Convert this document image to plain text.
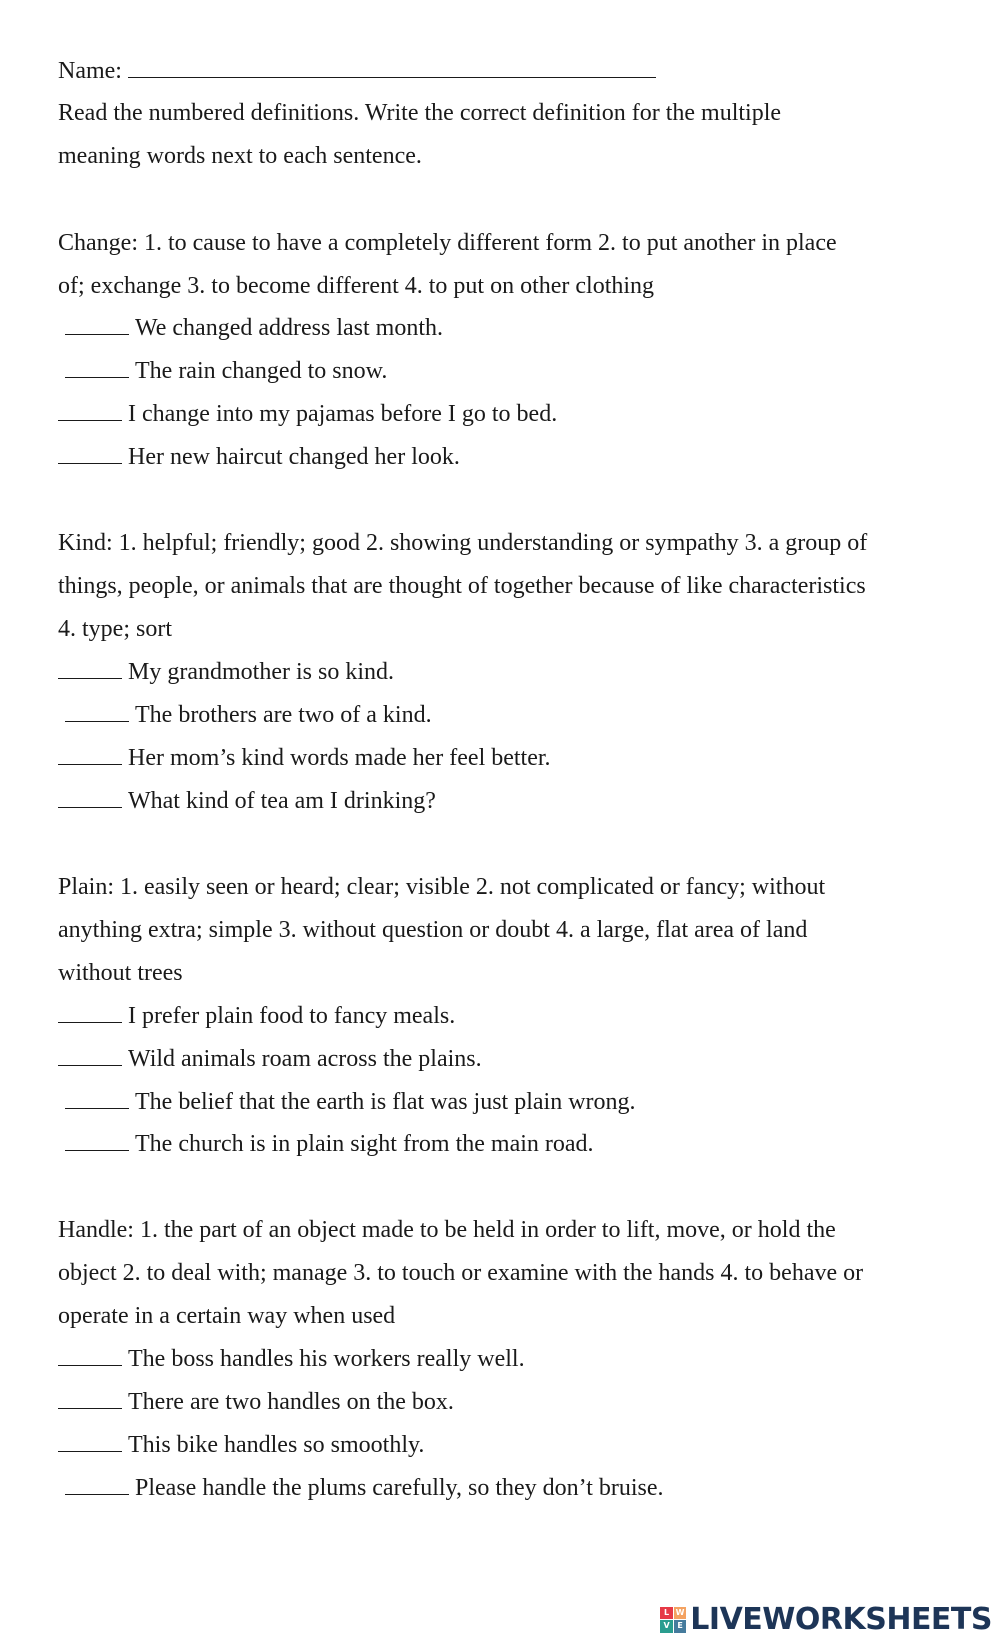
Name:
Read the numbered definitions. Write the correct definition for the multiple
meaning words next to each sentence.
Change: 1. to cause to have a completely different form 2. to put another in place
of; exchange 3. to become different 4. to put on other clothing
We changed address last month.
The rain changed to snow.
I change into my pajamas before I go to bed.
Her new haircut changed her look.
Kind: 1. helpful; friendly; good 2. showing understanding or sympathy 3. a group of
things, people, or animals that are thought of together because of like characteristics
4. type; sort
My grandmother is so kind.
The brothers are two of a kind.
Her mom’s kind words made her feel better.
What kind of tea am I drinking?
Plain: 1. easily seen or heard; clear; visible 2. not complicated or fancy; without
anything extra; simple 3. without question or doubt 4. a large, flat area of land
without trees
I prefer plain food to fancy meals.
Wild animals roam across the plains.
The belief that the earth is flat was just plain wrong.
The church is in plain sight from the main road.
Handle: 1. the part of an object made to be held in order to lift, move, or hold the
object 2. to deal with; manage 3. to touch or examine with the hands 4. to behave or
operate in a certain way when used
The boss handles his workers really well.
There are two handles on the box.
This bike handles so smoothly.
Please handle the plums carefully, so they don’t bruise.
L W
V E LIVEWORKSHEETS
